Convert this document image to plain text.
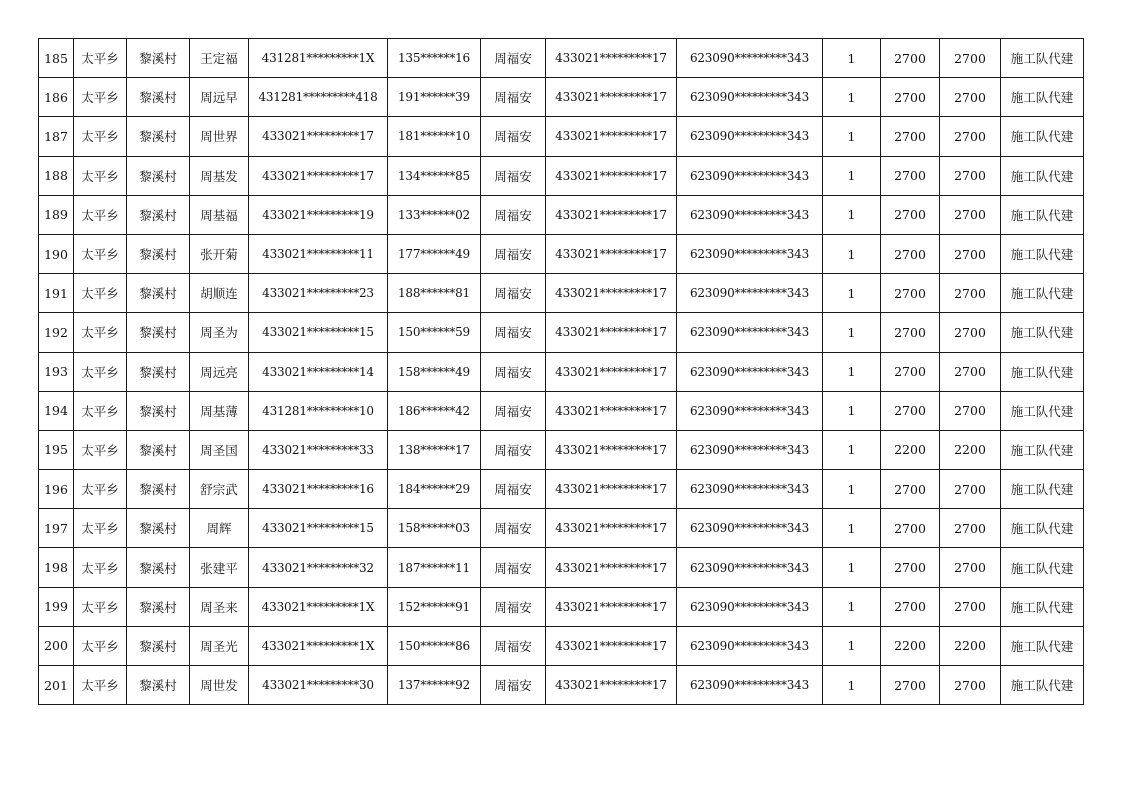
185	太平乡	黎溪村	王定福	431281*********1X	135******16	周福安	433021*********17	623090*********343	1	2700	2700	施工队代建
186	太平乡	黎溪村	周远早	431281*********418	191******39	周福安	433021*********17	623090*********343	1	2700	2700	施工队代建
187	太平乡	黎溪村	周世界	433021*********17	181******10	周福安	433021*********17	623090*********343	1	2700	2700	施工队代建
188	太平乡	黎溪村	周基发	433021*********17	134******85	周福安	433021*********17	623090*********343	1	2700	2700	施工队代建
189	太平乡	黎溪村	周基福	433021*********19	133******02	周福安	433021*********17	623090*********343	1	2700	2700	施工队代建
190	太平乡	黎溪村	张开菊	433021*********11	177******49	周福安	433021*********17	623090*********343	1	2700	2700	施工队代建
191	太平乡	黎溪村	胡顺连	433021*********23	188******81	周福安	433021*********17	623090*********343	1	2700	2700	施工队代建
192	太平乡	黎溪村	周圣为	433021*********15	150******59	周福安	433021*********17	623090*********343	1	2700	2700	施工队代建
193	太平乡	黎溪村	周远亮	433021*********14	158******49	周福安	433021*********17	623090*********343	1	2700	2700	施工队代建
194	太平乡	黎溪村	周基薄	431281*********10	186******42	周福安	433021*********17	623090*********343	1	2700	2700	施工队代建
195	太平乡	黎溪村	周圣国	433021*********33	138******17	周福安	433021*********17	623090*********343	1	2200	2200	施工队代建
196	太平乡	黎溪村	舒宗武	433021*********16	184******29	周福安	433021*********17	623090*********343	1	2700	2700	施工队代建
197	太平乡	黎溪村	周辉	433021*********15	158******03	周福安	433021*********17	623090*********343	1	2700	2700	施工队代建
198	太平乡	黎溪村	张建平	433021*********32	187******11	周福安	433021*********17	623090*********343	1	2700	2700	施工队代建
199	太平乡	黎溪村	周圣来	433021*********1X	152******91	周福安	433021*********17	623090*********343	1	2700	2700	施工队代建
200	太平乡	黎溪村	周圣光	433021*********1X	150******86	周福安	433021*********17	623090*********343	1	2200	2200	施工队代建
201	太平乡	黎溪村	周世发	433021*********30	137******92	周福安	433021*********17	623090*********343	1	2700	2700	施工队代建
